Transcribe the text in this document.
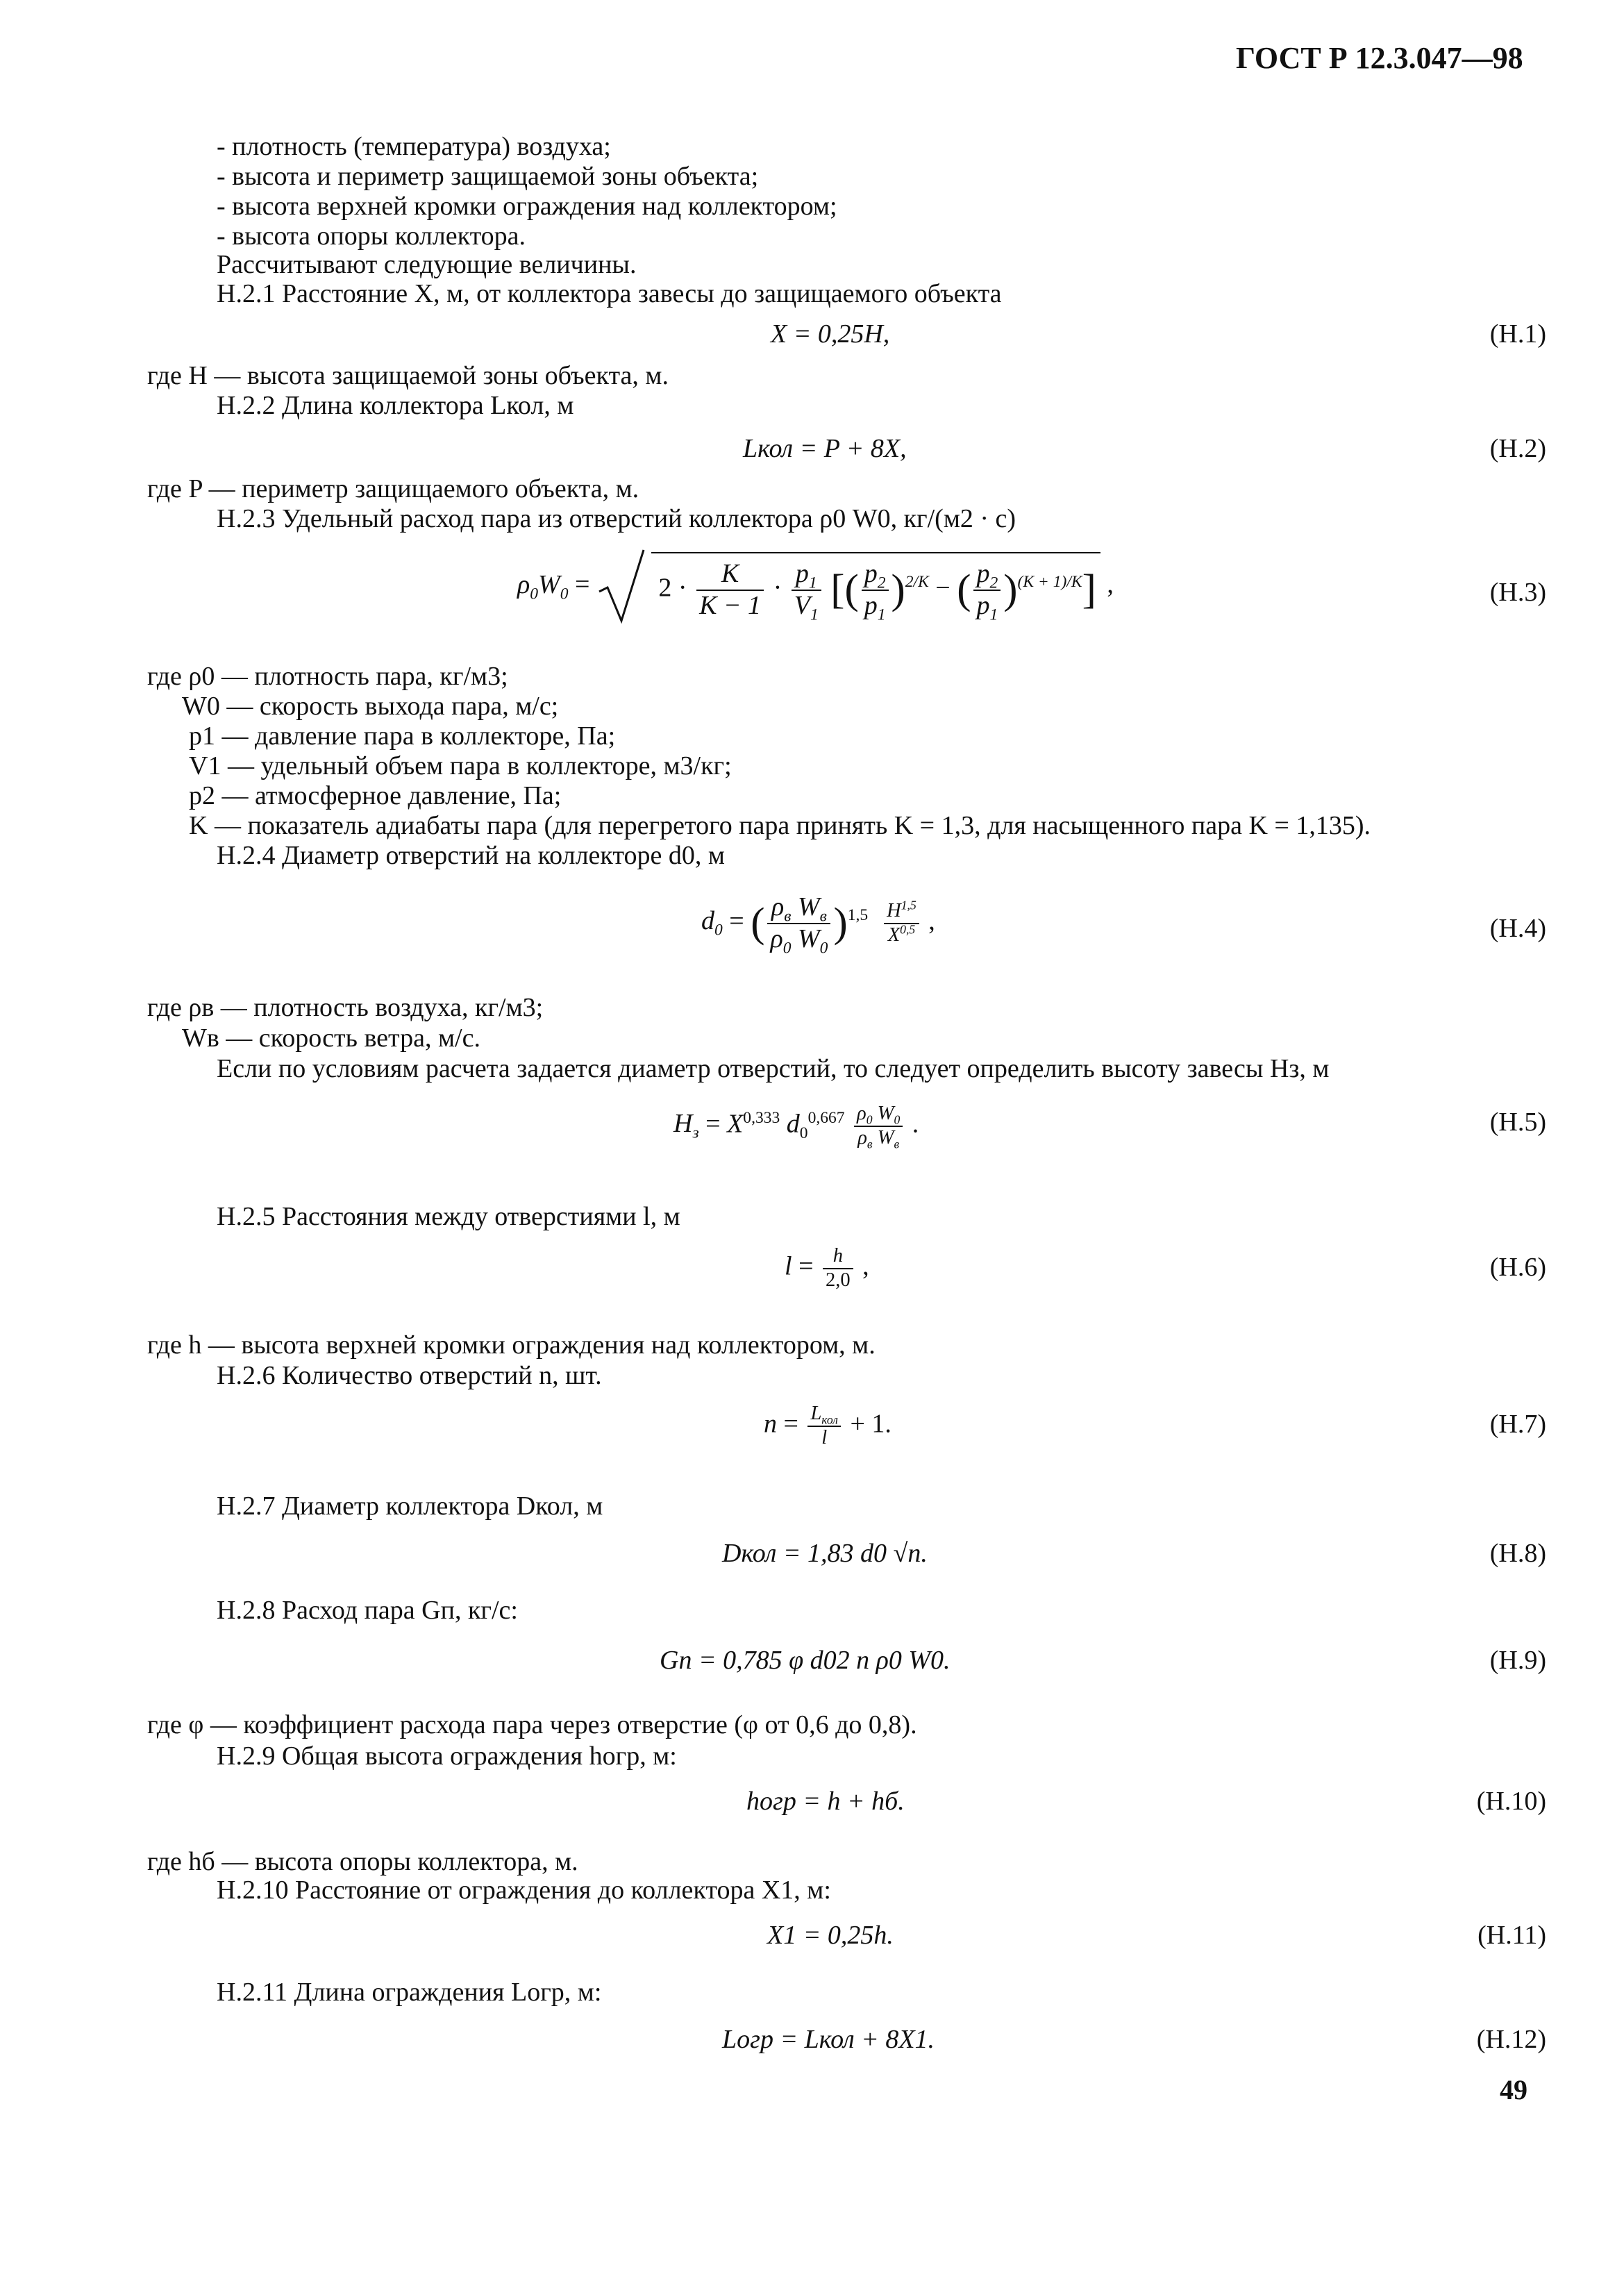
ГОСТ Р 12.3.047—98
- плотность (температура) воздуха;
- высота и периметр защищаемой зоны объекта;
- высота верхней кромки ограждения над коллектором;
- высота опоры коллектора.
Рассчитывают следующие величины.
Н.2.1 Расстояние X, м, от коллектора завесы до защищаемого объекта
X = 0,25H,	(Н.1)
где H — высота защищаемой зоны объекта, м.
Н.2.2 Длина коллектора Lкол, м
Lкол = P + 8X,	(Н.2)
где P — периметр защищаемого объекта, м.
Н.2.3 Удельный расход пара из отверстий коллектора ρ0 W0, кг/(м2 · с)
$\rho_0W_0 = 2 \cdot \frac{K}{K - 1} \cdot \frac{p_1}{V_1}$ [( $\frac{p_2}{p_1} )^{2/K}$ − ( $\frac{p_2}{p_1} )^{(K + 1)/K}$] ,	(Н.3)
где ρ0 — плотность пара, кг/м3;
W0 — скорость выхода пара, м/с;
p1 — давление пара в коллекторе, Па;
V1 — удельный объем пара в коллекторе, м3/кг;
p2 — атмосферное давление, Па;
K — показатель адиабаты пара (для перегретого пара принять K = 1,3, для насыщенного пара K = 1,135).
Н.2.4 Диаметр отверстий на коллекторе d0, м
$d_0$ = ( $\frac{\rho_в W_в}{\rho_0 W_0} )^{1,5} \frac{H^{1,5}}{X^{0,5}}$ ,	(Н.4)
где ρв — плотность воздуха, кг/м3;
Wв — скорость ветра, м/с.
Если по условиям расчета задается диаметр отверстий, то следует определить высоту завесы Hз, м
$H_з = X^{0,333}$ $d_0^{0,667} \frac{\rho_0 W_0}{\rho_в W_в}$ .	(Н.5)
Н.2.5 Расстояния между отверстиями l, м
$l = \frac{h}{2,0}$ ,	(Н.6)
где h — высота верхней кромки ограждения над коллектором, м.
Н.2.6 Количество отверстий n, шт.
$n = \frac{L_{кол}}{l} + 1$.	(Н.7)
Н.2.7 Диаметр коллектора Dкол, м
Dкол = 1,83 d0 √n.	(Н.8)
Н.2.8 Расход пара Gп, кг/с:
Gп = 0,785 φ d02 n ρ0 W0.	(Н.9)
где φ — коэффициент расхода пара через отверстие (φ от 0,6 до 0,8).
Н.2.9 Общая высота ограждения hогр, м:
hогр = h + hб.	(Н.10)
где hб — высота опоры коллектора, м.
Н.2.10 Расстояние от ограждения до коллектора X1, м:
X1 = 0,25h.	(Н.11)
Н.2.11 Длина ограждения Lогр, м:
Lогр = Lкол + 8X1.	(Н.12)
49
